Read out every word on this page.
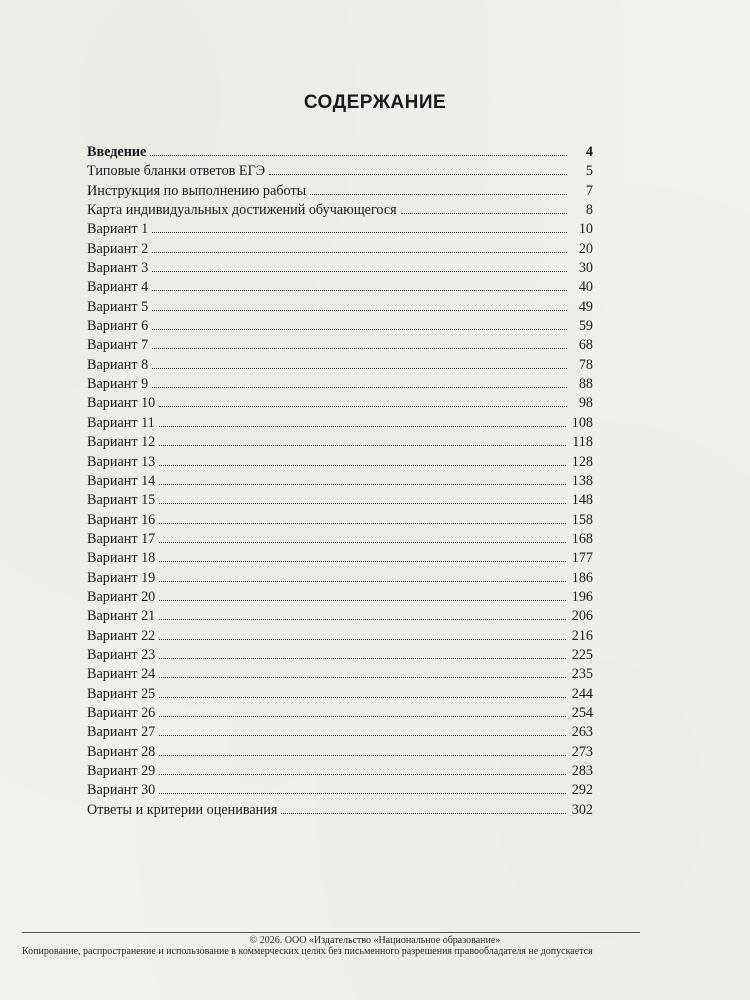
СОДЕРЖАНИЕ
Введение	4
Типовые бланки ответов ЕГЭ	5
Инструкция по выполнению работы	7
Карта индивидуальных достижений обучающегося	8
Вариант 1	10
Вариант 2	20
Вариант 3	30
Вариант 4	40
Вариант 5	49
Вариант 6	59
Вариант 7	68
Вариант 8	78
Вариант 9	88
Вариант 10	98
Вариант 11	108
Вариант 12	118
Вариант 13	128
Вариант 14	138
Вариант 15	148
Вариант 16	158
Вариант 17	168
Вариант 18	177
Вариант 19	186
Вариант 20	196
Вариант 21	206
Вариант 22	216
Вариант 23	225
Вариант 24	235
Вариант 25	244
Вариант 26	254
Вариант 27	263
Вариант 28	273
Вариант 29	283
Вариант 30	292
Ответы и критерии оценивания	302
© 2026. ООО «Издательство «Национальное образование»
Копирование, распространение и использование в коммерческих целях без письменного разрешения правообладателя не допускается
